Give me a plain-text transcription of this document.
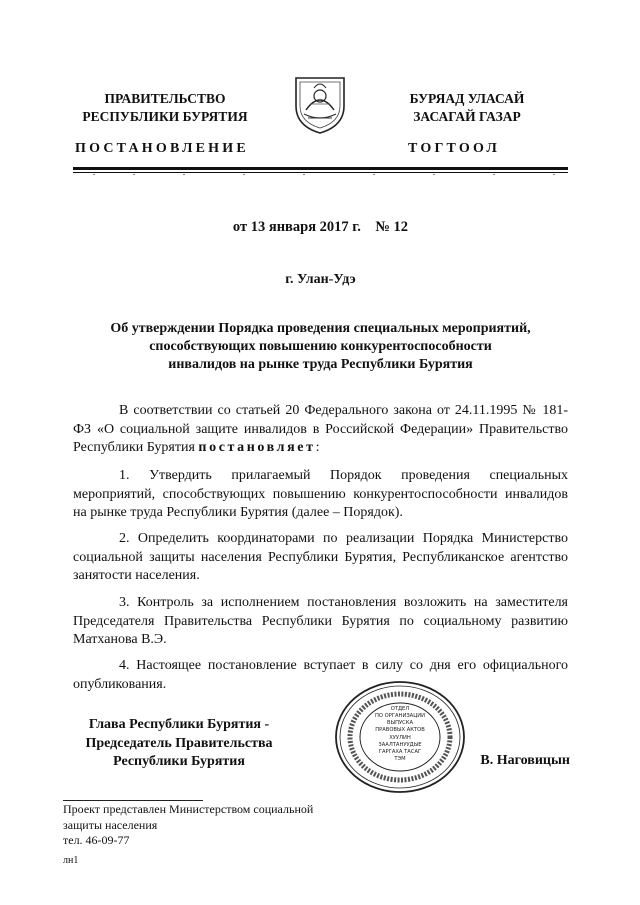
ПРАВИТЕЛЬСТВО
РЕСПУБЛИКИ БУРЯТИЯ
БУРЯАД УЛАСАЙ
ЗАСАГАЙ ГАЗАР
ПОСТАНОВЛЕНИЕ	ТОГТООЛ
от 13 января 2017 г.    № 12
г. Улан-Удэ
Об утверждении Порядка проведения специальных мероприятий,
способствующих повышению конкурентоспособности
инвалидов на рынке труда Республики Бурятия

В соответствии со статьей 20 Федерального закона от 24.11.1995 № 181-ФЗ «О социальной защите инвалидов в Российской Федерации» Правительство Республики Бурятия постановляет:

1. Утвердить прилагаемый Порядок проведения специальных мероприятий, способствующих повышению конкурентоспособности инвалидов на рынке труда Республики Бурятия (далее – Порядок).

2. Определить координаторами по реализации Порядка Министерство социальной защиты населения Республики Бурятия, Республиканское агентство занятости населения.

3. Контроль за исполнением постановления возложить на заместителя Председателя Правительства Республики Бурятия по социальному развитию Матханова В.Э.

4. Настоящее постановление вступает в силу со дня его официального опубликования.

Глава Республики Бурятия -
Председатель Правительства
Республики Бурятия
ОТДЕЛ
ПО ОРГАНИЗАЦИИ
ВЫПУСКА
ПРАВОВЫХ АКТОВ
ХУУЛИН
ЗААЛТАНУУДЫЕ
ГАРГАХА ТАСАГ
ТЭМ	В. Наговицын
Проект представлен Министерством социальной
защиты населения
тел. 46-09-77
лн1
